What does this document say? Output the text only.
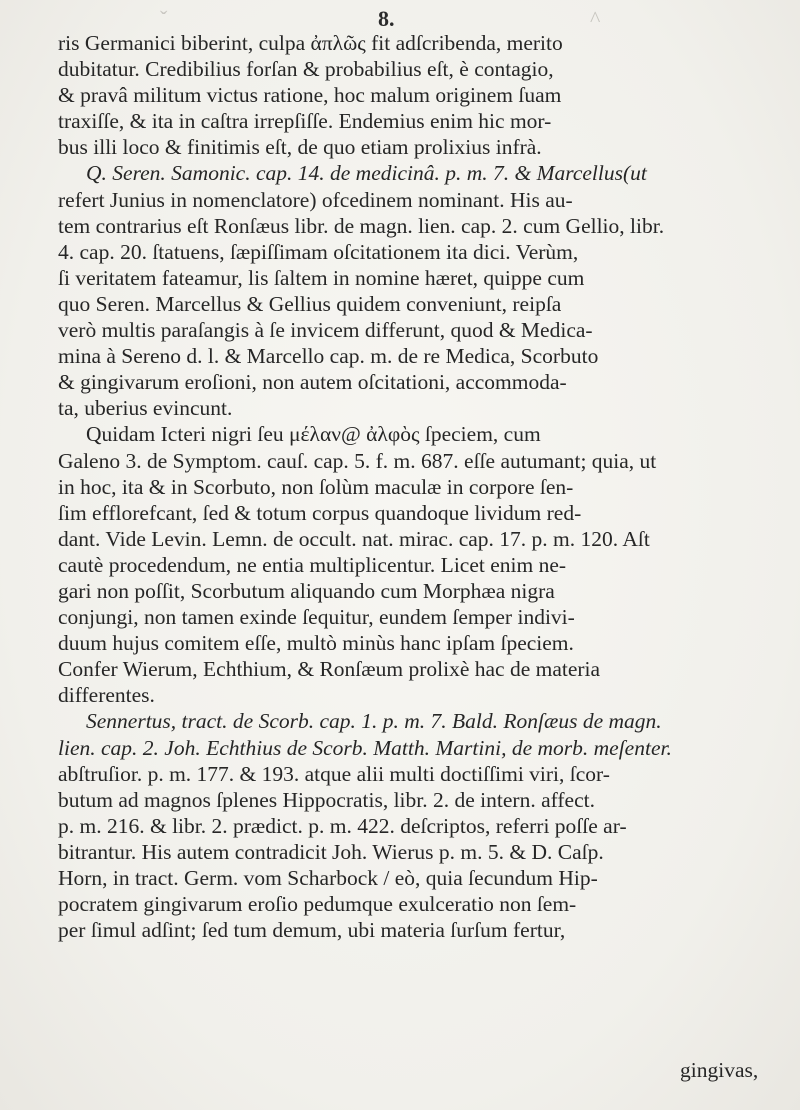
ˇ	^
8.
ris Germanici biberint, culpa ἀπλῶς fit adſcribenda, merito
dubitatur. Credibilius forſan & probabilius eſt, è contagio,
& pravâ militum victus ratione, hoc malum originem ſuam
traxiſſe, & ita in caſtra irrepſiſſe. Endemius enim hic mor-
bus illi loco & finitimis eſt, de quo etiam prolixius infrà.
Q. Seren. Samonic. cap. 14. de medicinâ. p. m. 7. & Marcellus(ut
refert Junius in nomenclatore) ofcedinem nominant. His au-
tem contrarius eſt Ronſæus libr. de magn. lien. cap. 2. cum Gellio, libr.
4. cap. 20. ſtatuens, ſæpiſſimam oſcitationem ita dici. Verùm,
ſi veritatem fateamur, lis ſaltem in nomine hæret, quippe cum
quo Seren. Marcellus & Gellius quidem conveniunt, reipſa
verò multis paraſangis à ſe invicem differunt, quod & Medica-
mina à Sereno d. l. & Marcello cap. m. de re Medica, Scorbuto
& gingivarum eroſioni, non autem oſcitationi, accommoda-
ta, uberius evincunt.
Quidam Icteri nigri ſeu μέλαν@ ἀλφὸς ſpeciem, cum
Galeno 3. de Symptom. cauſ. cap. 5. f. m. 687. eſſe autumant; quia, ut
in hoc, ita & in Scorbuto, non ſolùm maculæ in corpore ſen-
ſim efflorefcant, ſed & totum corpus quandoque lividum red-
dant. Vide Levin. Lemn. de occult. nat. mirac. cap. 17. p. m. 120. Aſt
cautè procedendum, ne entia multiplicentur. Licet enim ne-
gari non poſſit, Scorbutum aliquando cum Morphæa nigra
conjungi, non tamen exinde ſequitur, eundem ſemper indivi-
duum hujus comitem eſſe, multò minùs hanc ipſam ſpeciem.
Confer Wierum, Echthium, & Ronſæum prolixè hac de materia
differentes.
Sennertus, tract. de Scorb. cap. 1. p. m. 7. Bald. Ronſæus de magn.
lien. cap. 2. Joh. Echthius de Scorb. Matth. Martini, de morb. meſenter.
abſtruſior. p. m. 177. & 193. atque alii multi doctiſſimi viri, ſcor-
butum ad magnos ſplenes Hippocratis, libr. 2. de intern. affect.
p. m. 216. & libr. 2. prædict. p. m. 422. deſcriptos, referri poſſe ar-
bitrantur. His autem contradicit Joh. Wierus p. m. 5. & D. Caſp.
Horn, in tract. Germ. vom Scharbock / eò, quia ſecundum Hip-
pocratem gingivarum eroſio pedumque exulceratio non ſem-
per ſimul adſint; ſed tum demum, ubi materia ſurſum fertur,
gingivas,
